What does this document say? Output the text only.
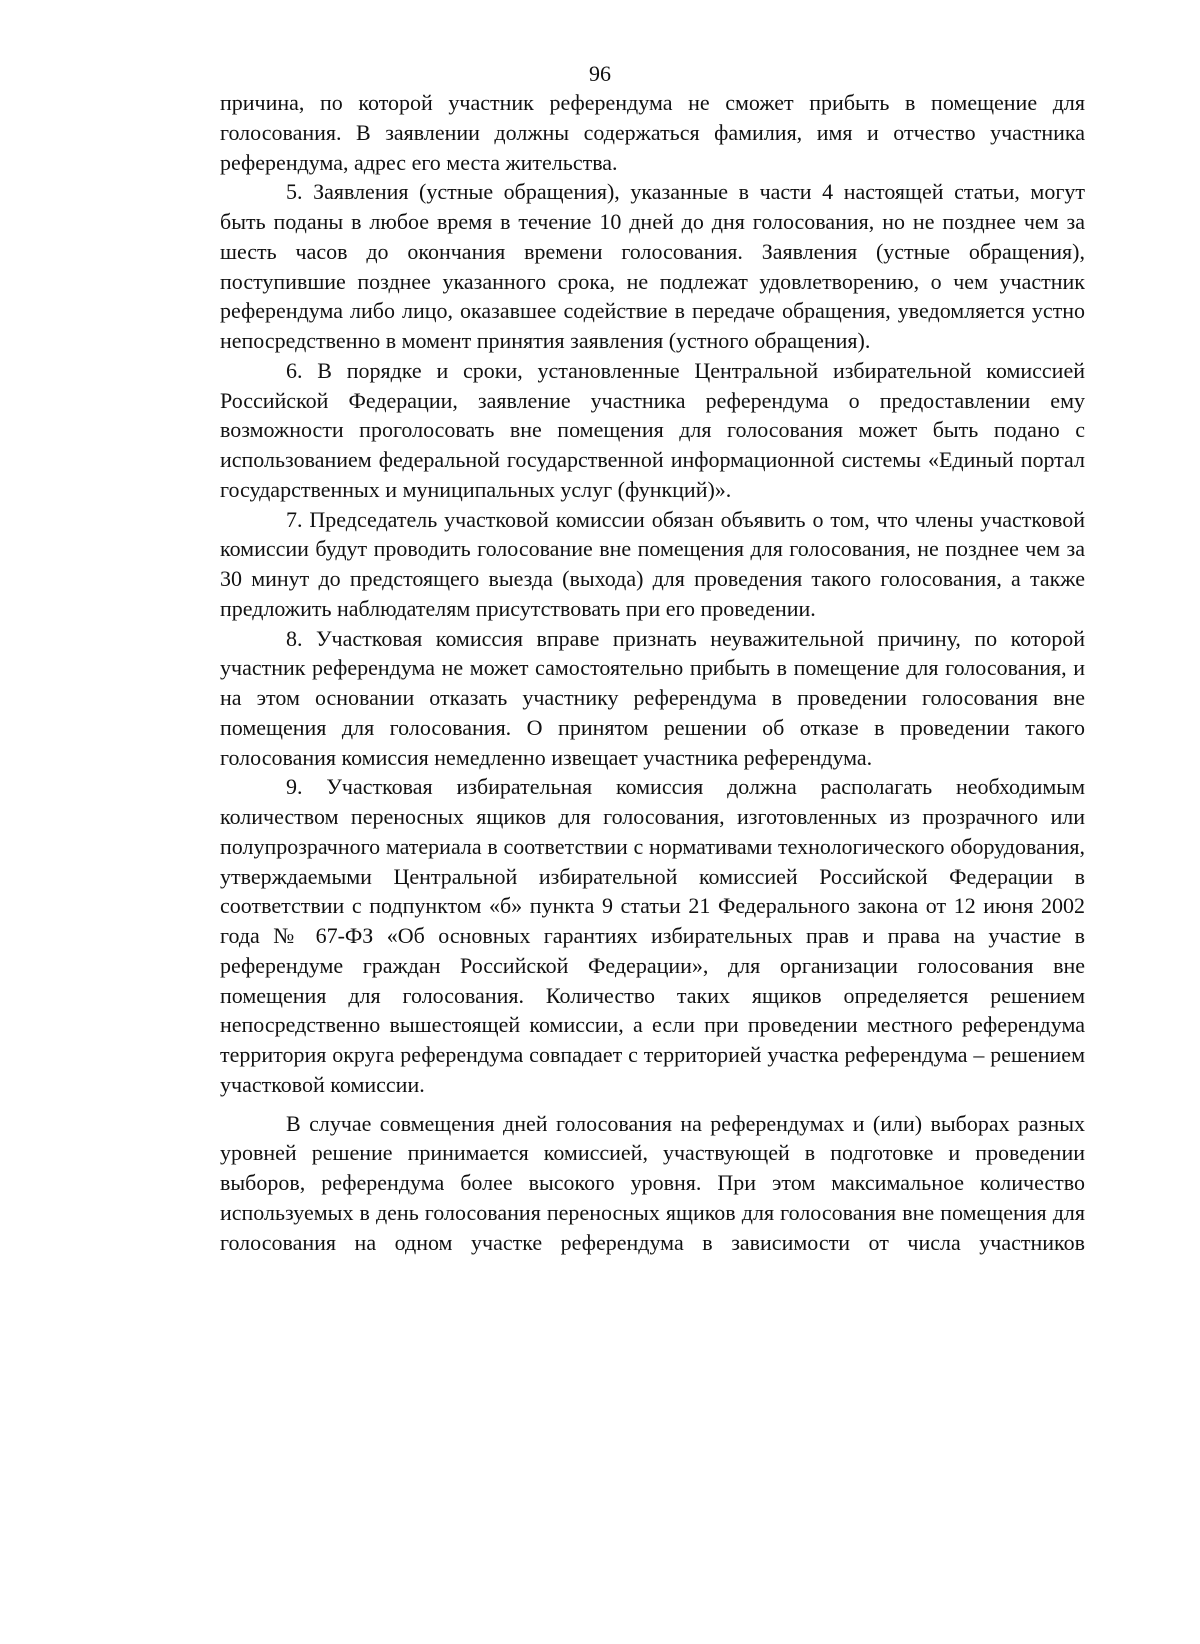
96

причина, по которой участник референдума не сможет прибыть в помещение для голосования. В заявлении должны содержаться фамилия, имя и отчество участника референдума, адрес его места жительства.

5. Заявления (устные обращения), указанные в части 4 настоящей статьи, могут быть поданы в любое время в течение 10 дней до дня голосования, но не позднее чем за шесть часов до окончания времени голосования. Заявления (устные обращения), поступившие позднее указанного срока, не подлежат удовлетворению, о чем участник референдума либо лицо, оказавшее содействие в передаче обращения, уведомляется устно непосредственно в момент принятия заявления (устного обращения).

6. В порядке и сроки, установленные Центральной избирательной комиссией Российской Федерации, заявление участника референдума о предоставлении ему возможности проголосовать вне помещения для голосования может быть подано с использованием федеральной государственной информационной системы «Единый портал государственных и муниципальных услуг (функций)».

7. Председатель участковой комиссии обязан объявить о том, что члены участковой комиссии будут проводить голосование вне помещения для голосования, не позднее чем за 30 минут до предстоящего выезда (выхода) для проведения такого голосования, а также предложить наблюдателям присутствовать при его проведении.

8. Участковая комиссия вправе признать неуважительной причину, по которой участник референдума не может самостоятельно прибыть в помещение для голосования, и на этом основании отказать участнику референдума в проведении голосования вне помещения для голосования. О принятом решении об отказе в проведении такого голосования комиссия немедленно извещает участника референдума.

9. Участковая избирательная комиссия должна располагать необходимым количеством переносных ящиков для голосования, изготовленных из прозрачного или полупрозрачного материала в соответствии с нормативами технологического оборудования, утверждаемыми Центральной избирательной комиссией Российской Федерации в соответствии с подпунктом «б» пункта 9 статьи 21 Федерального закона от 12 июня 2002 года № 67-ФЗ «Об основных гарантиях избирательных прав и права на участие в референдуме граждан Российской Федерации», для организации голосования вне помещения для голосования. Количество таких ящиков определяется решением непосредственно вышестоящей комиссии, а если при проведении местного референдума территория округа референдума совпадает с территорией участка референдума – решением участковой комиссии.

В случае совмещения дней голосования на референдумах и (или) выборах разных уровней решение принимается комиссией, участвующей в подготовке и проведении выборов, референдума более высокого уровня. При этом максимальное количество используемых в день голосования переносных ящиков для голосования вне помещения для голосования на одном участке референдума в зависимости от числа участников
